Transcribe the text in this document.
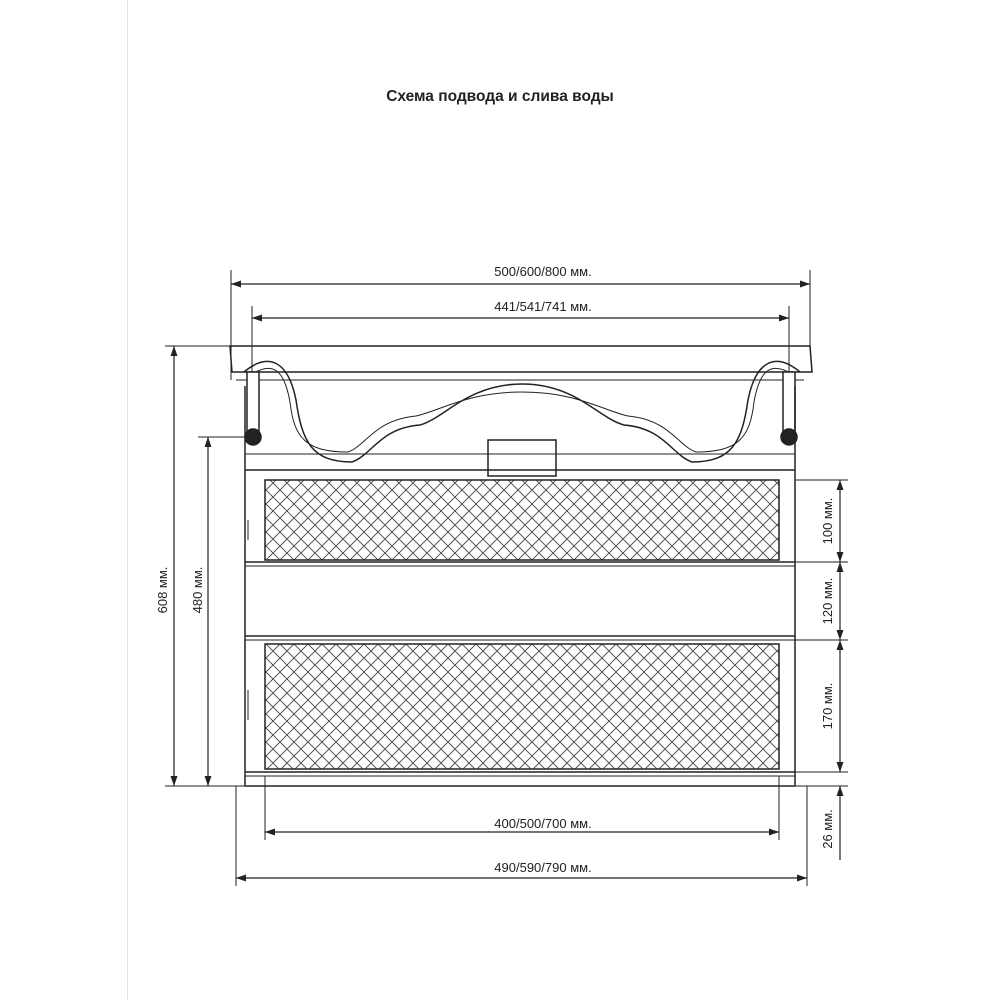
Схема подвода и слива воды
500/600/800 мм.
441/541/741 мм.
400/500/700 мм.
490/590/790 мм.
608 мм. 480 мм.
100 мм.
120 мм.
170 мм.
26 мм.
